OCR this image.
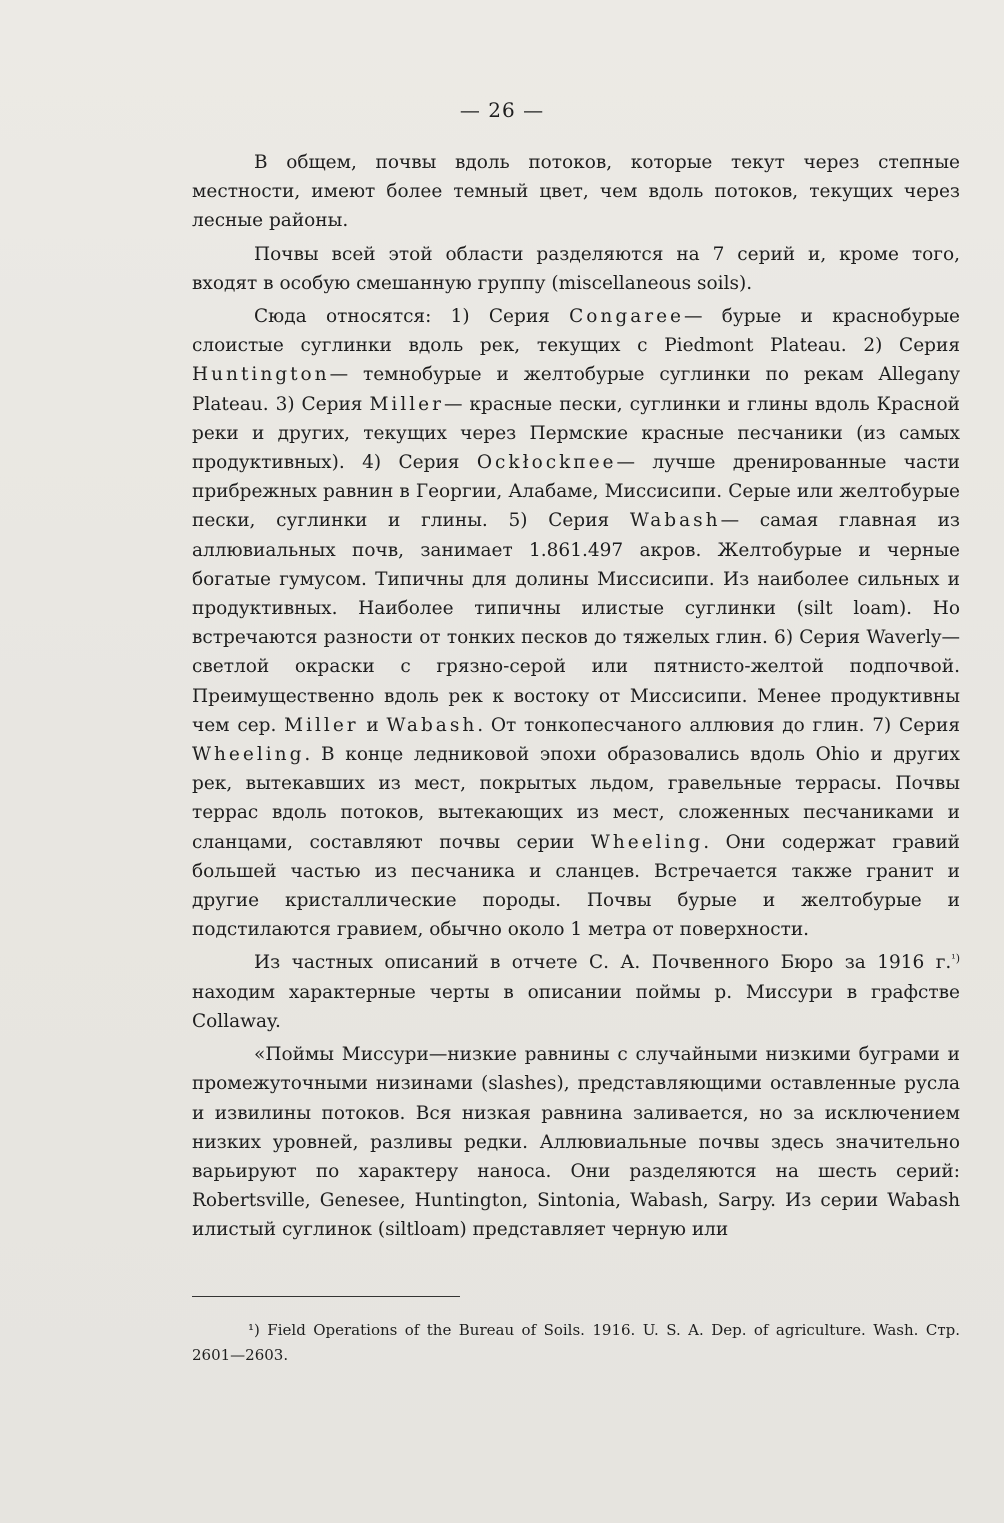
— 26 —

В общем, почвы вдоль потоков, которые текут через степные местности, имеют более темный цвет, чем вдоль потоков, текущих через лесные районы.

Почвы всей этой области разделяются на 7 серий и, кроме того, входят в особую смешанную группу (miscellaneous soils).

Сюда относятся: 1) Серия Congaree— бурые и краснобурые слоистые суглинки вдоль рек, текущих с Piedmont Plateau. 2) Серия Huntington— темнобурые и желтобурые суглинки по рекам Allegany Plateau. 3) Серия Miller— красные пески, суглинки и глины вдоль Красной реки и других, текущих через Пермские красные песчаники (из самых продуктивных). 4) Серия Ockłockпee— лучше дренированные части прибрежных равнин в Георгии, Алабаме, Миссисипи. Серые или желтобурые пески, суглинки и глины. 5) Серия Wabash— самая главная из аллювиальных почв, занимает 1.861.497 акров. Желтобурые и черные богатые гумусом. Типичны для долины Миссисипи. Из наиболее сильных и продуктивных. Наиболее типичны илистые суглинки (silt loam). Но встречаются разности от тонких песков до тяжелых глин. 6) Серия Waverly—светлой окраски с грязно-серой или пятнисто-желтой подпочвой. Преимущественно вдоль рек к востоку от Миссисипи. Менее продуктивны чем сер. Miller и Wabash. От тонкопесчаного аллювия до глин. 7) Серия Wheeling. В конце ледниковой эпохи образовались вдоль Ohio и других рек, вытекавших из мест, покрытых льдом, гравельные террасы. Почвы террас вдоль потоков, вытекающих из мест, сложенных песчаниками и сланцами, составляют почвы серии Wheeling. Они содержат гравий большей частью из песчаника и сланцев. Встречается также гранит и другие кристаллические породы. Почвы бурые и желтобурые и подстилаются гравием, обычно около 1 метра от поверхности.

Из частных описаний в отчете С. А. Почвенного Бюро за 1916 г.$^{^1)}$ находим характерные черты в описании поймы р. Миссури в графстве Collaway.

«Поймы Миссури—низкие равнины с случайными низкими буграми и промежуточными низинами (slashes), представляющими оставленные русла и извилины потоков. Вся низкая равнина заливается, но за исключением низких уровней, разливы редки. Аллювиальные почвы здесь значительно варьируют по характеру наноса. Они разделяются на шесть серий: Robertsville, Genesee, Huntington, Sintonia, Wabash, Sarpy. Из серии Wabash илистый суглинок (siltloam) представляет черную или

¹) Field Operations of the Bureau of Soils. 1916. U. S. A. Dep. of agriculture. Wash. Стр. 2601—2603.
